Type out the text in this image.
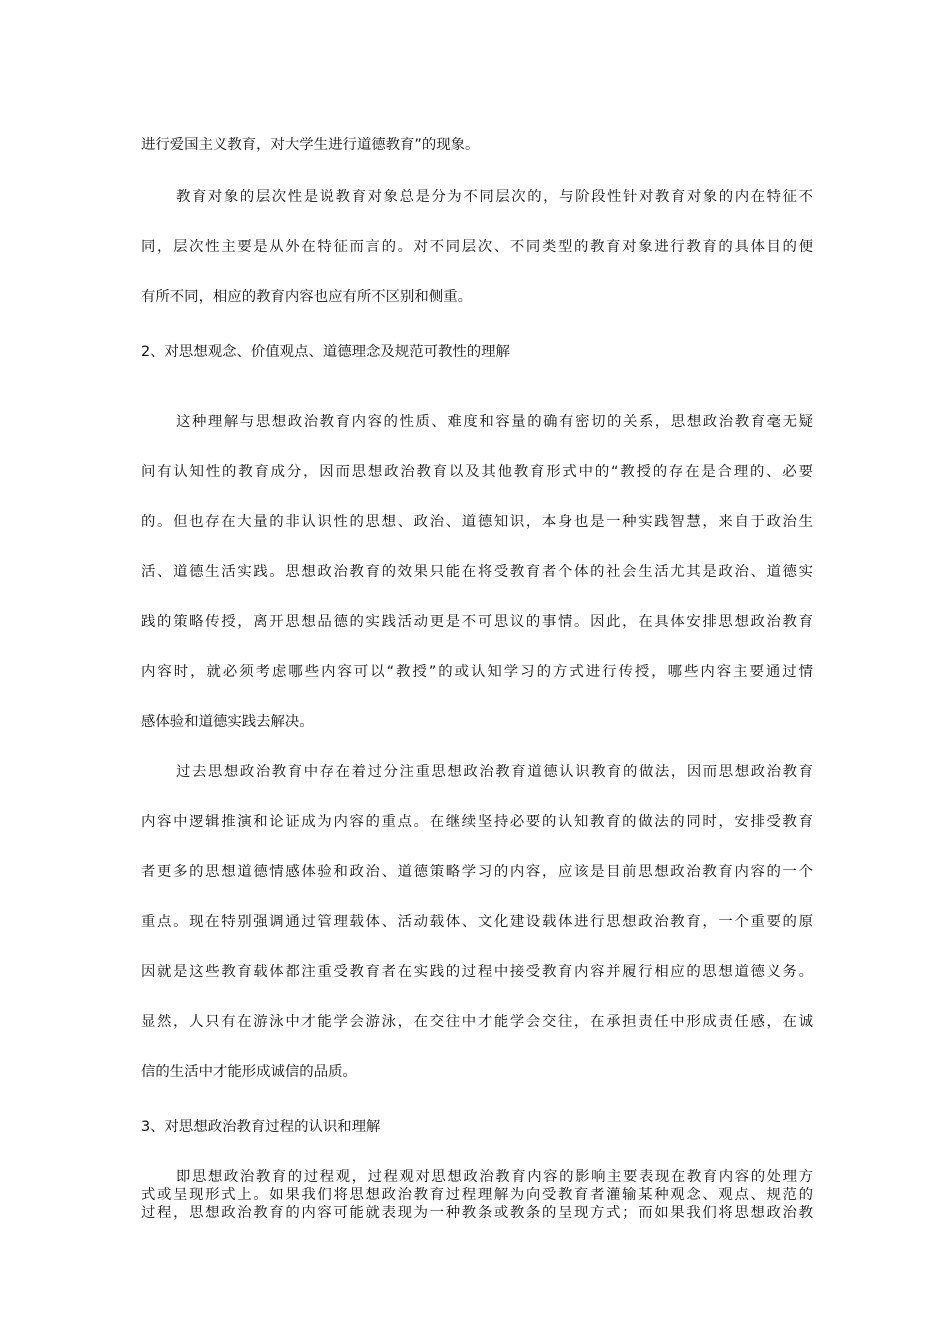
进行爱国主义教育，对大学生进行道德教育”的现象。
教育对象的层次性是说教育对象总是分为不同层次的，与阶段性针对教育对象的内在特征不
同，层次性主要是从外在特征而言的。对不同层次、不同类型的教育对象进行教育的具体目的便
有所不同，相应的教育内容也应有所不区别和侧重。
2、对思想观念、价值观点、道德理念及规范可教性的理解
这种理解与思想政治教育内容的性质、难度和容量的确有密切的关系，思想政治教育毫无疑
问有认知性的教育成分，因而思想政治教育以及其他教育形式中的“教授的存在是合理的、必要
的。但也存在大量的非认识性的思想、政治、道德知识，本身也是一种实践智慧，来自于政治生
活、道德生活实践。思想政治教育的效果只能在将受教育者个体的社会生活尤其是政治、道德实
践的策略传授，离开思想品德的实践活动更是不可思议的事情。因此，在具体安排思想政治教育
内容时，就必须考虑哪些内容可以“教授”的或认知学习的方式进行传授，哪些内容主要通过情
感体验和道德实践去解决。
过去思想政治教育中存在着过分注重思想政治教育道德认识教育的做法，因而思想政治教育
内容中逻辑推演和论证成为内容的重点。在继续坚持必要的认知教育的做法的同时，安排受教育
者更多的思想道德情感体验和政治、道德策略学习的内容，应该是目前思想政治教育内容的一个
重点。现在特别强调通过管理载体、活动载体、文化建设载体进行思想政治教育，一个重要的原
因就是这些教育载体都注重受教育者在实践的过程中接受教育内容并履行相应的思想道德义务。
显然，人只有在游泳中才能学会游泳，在交往中才能学会交往，在承担责任中形成责任感，在诚
信的生活中才能形成诚信的品质。
3、对思想政治教育过程的认识和理解
即思想政治教育的过程观，过程观对思想政治教育内容的影响主要表现在教育内容的处理方
式或呈现形式上。如果我们将思想政治教育过程理解为向受教育者灌输某种观念、观点、规范的
过程，思想政治教育的内容可能就表现为一种教条或教条的呈现方式；而如果我们将思想政治教
